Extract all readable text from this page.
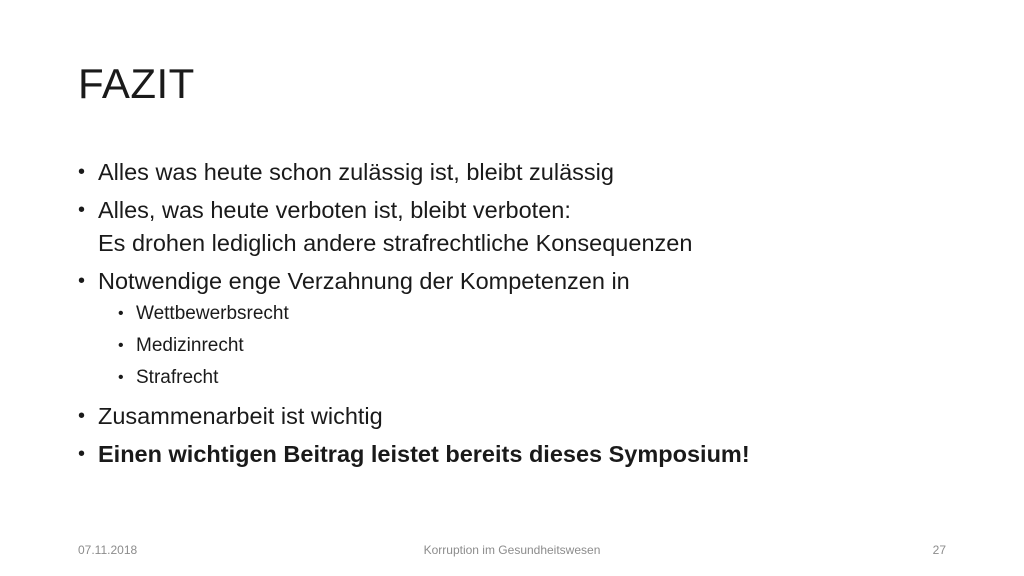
FAZIT
• Alles was heute schon zulässig ist, bleibt zulässig
• Alles, was heute verboten ist, bleibt verboten:
Es drohen lediglich andere strafrechtliche Konsequenzen
• Notwendige enge Verzahnung der Kompetenzen in
• Wettbewerbsrecht
• Medizinrecht
• Strafrecht
• Zusammenarbeit ist wichtig
• Einen wichtigen Beitrag leistet bereits dieses Symposium!
07.11.2018	Korruption im Gesundheitswesen	27
